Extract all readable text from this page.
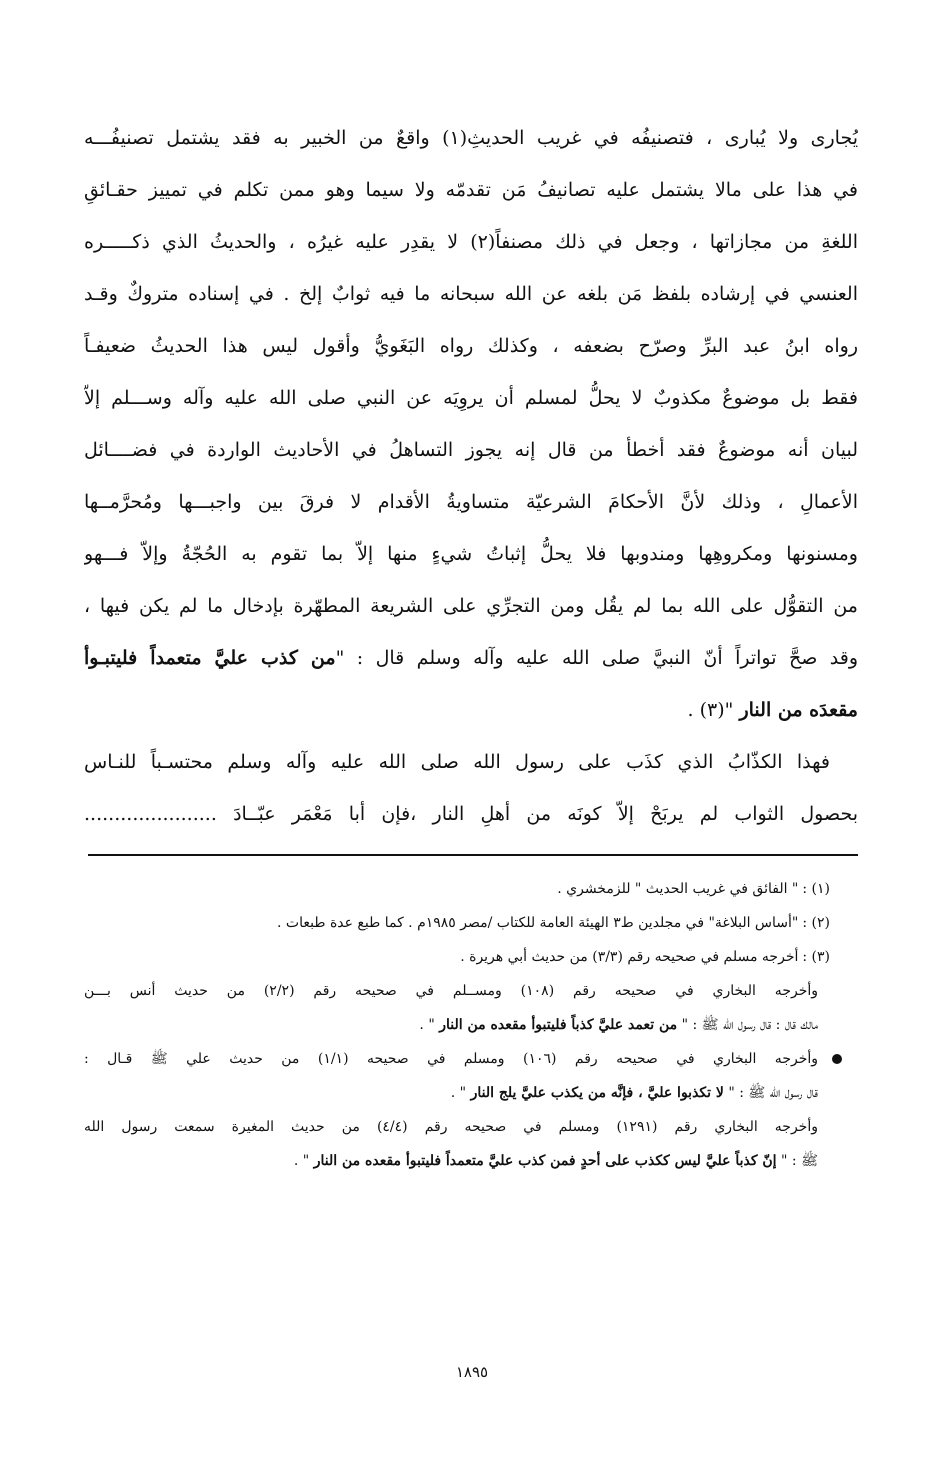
يُجارى ولا يُبارى ، فتصنيفُه في غريب الحديثِ(١) واقعٌ من الخبير به فقد يشتمل تصنيفُـــه
في هذا على مالا يشتمل عليه تصانيفُ مَن تقدمّه ولا سيما وهو ممن تكلم في تمييز حقـائقِ
اللغةِ من مجازاتها ، وجعل في ذلك مصنفاً(٢) لا يقدِر عليه غيرُه ، والحديثُ الذي ذكـــــره
العنسي في إرشاده بلفظ مَن بلغه عن الله سبحانه ما فيه ثوابٌ إلخ . في إسناده متروكٌ وقـد
رواه ابنُ عبد البرِّ وصرّح بضعفه ، وكذلك رواه البَغَويُّ وأقول ليس هذا الحديثُ ضعيفـاً
فقط بل موضوعٌ مكذوبٌ لا يحلُّ لمسلم أن يروِيَه عن النبي صلى الله عليه وآله وســـلم إلاّ
لبيان أنه موضوعٌ فقد أخطأ من قال إنه يجوز التساهلُ في الأحاديث الواردة في فضــــائل
الأعمالِ ، وذلك لأنَّ الأحكامَ الشرعيّة متساويةُ الأقدام لا فرقَ بين واجبـــها ومُحرَّمــها
ومسنونها ومكروهِها ومندوبها فلا يحلُّ إثباتُ شيءٍ منها إلاّ بما تقوم به الحُجّةُ وإلاّ فـــهو
من التقوُّل على الله بما لم يقُل ومن التجرِّي على الشريعة المطهّرة بإدخال ما لم يكن فيها ،
وقد صحَّ تواتراً أنّ النبيَّ صلى الله عليه وآله وسلم قال : "من كذب عليَّ متعمداً فليتبـوأ
مقعدَه من النار "(٣) .
فهذا الكذّابُ الذي كذَب على رسول الله صلى الله عليه وآله وسلم محتسـباً للنـاس
بحصول الثواب لم يربَحْ إلاّ كونَه من أهلِ النار ،فإن أبا مَعْمَر عبّــادَ ......................
(١) :" الفائق في غريب الحديث " للزمخشري .
(٢) :"أساس البلاغة" في مجلدين ط٣ الهيئة العامة للكتاب /مصر ١٩٨٥م . كما طبع عدة طبعات .
(٣) :أخرجه مسلم في صحيحه رقم (٣/٣) من حديث أبي هريرة .
وأخرجه البخاري في صحيحه رقم (١٠٨) ومســلم في صحيحه رقم (٢/٢) من حديث أنس بـــن
مالك قال : قال رسول الله ﷺ : " من تعمد عليَّ كذباً فليتبوأ مقعده من النار " .
وأخرجه البخاري في صحيحه رقم (١٠٦) ومسلم في صحيحه (١/١) من حديث علي ﷺ قـال :
قال رسول الله ﷺ : " لا تكذبوا عليَّ ، فإنَّه من يكذب عليَّ يلج النار " .
وأخرجه البخاري رقم (١٢٩١) ومسلم في صحيحه رقم (٤/٤) من حديث المغيرة سمعت رسول الله
ﷺ : " إنّ كذباً عليَّ ليس ككذب على أحدٍ فمن كذب عليَّ متعمداً فليتبوأ مقعده من النار " .
١٨٩٥
